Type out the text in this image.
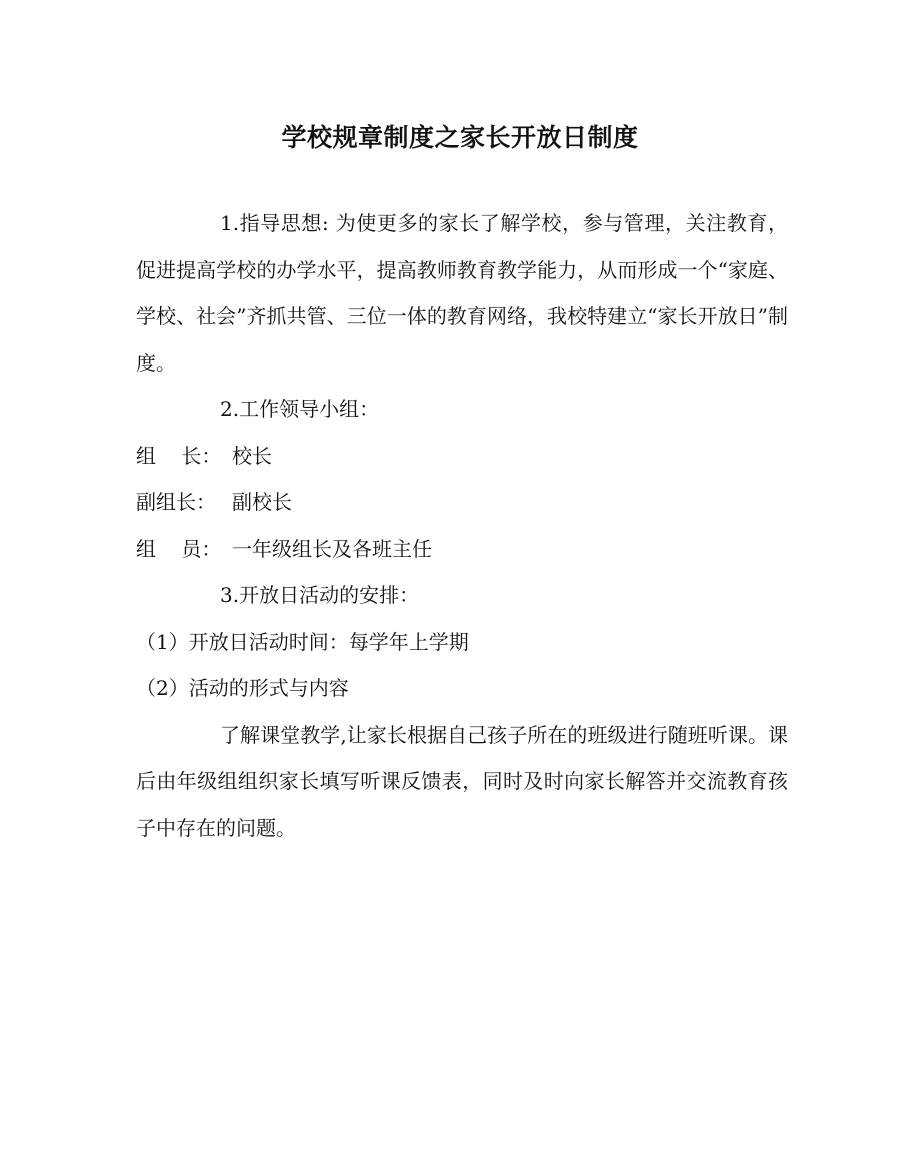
学校规章制度之家长开放日制度

1.指导思想: 为使更多的家长了解学校，参与管理，关注教育，促进提高学校的办学水平，提高教师教育教学能力，从而形成一个“家庭、学校、社会”齐抓共管、三位一体的教育网络，我校特建立“家长开放日”制度。

2.工作领导小组：

组    长： 校长

副组长： 副校长

组    员： 一年级组长及各班主任

3.开放日活动的安排：

（1）开放日活动时间：每学年上学期

（2）活动的形式与内容

了解课堂教学,让家长根据自己孩子所在的班级进行随班听课。课后由年级组组织家长填写听课反馈表，同时及时向家长解答并交流教育孩子中存在的问题。
